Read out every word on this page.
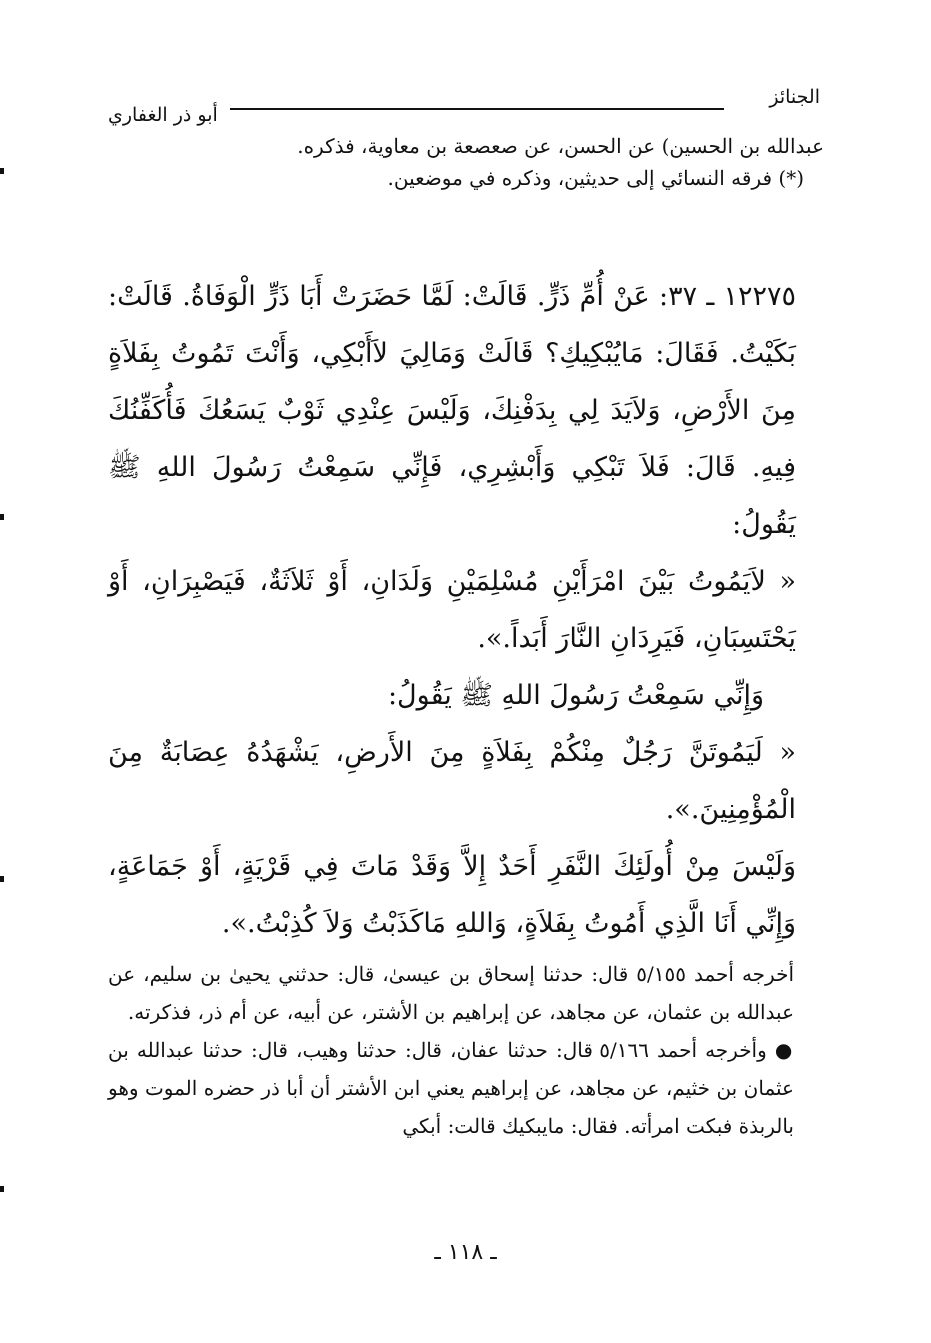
الجنائز
أبو ذر الغفاري
عبدالله بن الحسين) عن الحسن، عن صعصعة بن معاوية، فذكره.
(*) فرقه النسائي إلى حديثين، وذكره في موضعين.

١٢٢٧٥ ـ ٣٧: عَنْ أُمِّ ذَرٍّ. قَالَتْ: لَمَّا حَضَرَتْ أَبَا ذَرٍّ الْوَفَاةُ. قَالَتْ: بَكَيْتُ. فَقَالَ: مَايُبْكِيكِ؟ قَالَتْ وَمَالِيَ لاَأَبْكِي، وَأَنْتَ تَمُوتُ بِفَلاَةٍ مِنَ الأَرْضِ، وَلاَيَدَ لِي بِدَفْنِكَ، وَلَيْسَ عِنْدِي ثَوْبٌ يَسَعُكَ فَأُكَفِّنُكَ فِيهِ. قَالَ: فَلاَ تَبْكِي وَأَبْشِرِي، فَإِنِّي سَمِعْتُ رَسُولَ اللهِ ﷺ يَقُولُ:

« لاَيَمُوتُ بَيْنَ امْرَأَيْنِ مُسْلِمَيْنِ وَلَدَانِ، أَوْ ثَلاَثَةٌ، فَيَصْبِرَانِ، أَوْ يَحْتَسِبَانِ، فَيَرِدَانِ النَّارَ أَبَداً.».

وَإِنِّي سَمِعْتُ رَسُولَ اللهِ ﷺ يَقُولُ:

« لَيَمُوتَنَّ رَجُلٌ مِنْكُمْ بِفَلاَةٍ مِنَ الأَرضِ، يَشْهَدُهُ عِصَابَةٌ مِنَ الْمُؤْمِنِينَ.».

وَلَيْسَ مِنْ أُولَئِكَ النَّفَرِ أَحَدٌ إِلاَّ وَقَدْ مَاتَ فِي قَرْيَةٍ، أَوْ جَمَاعَةٍ، وَإِنِّي أَنَا الَّذِي أَمُوتُ بِفَلاَةٍ، وَاللهِ مَاكَذَبْتُ وَلاَ كُذِبْتُ.».

أخرجه أحمد ٥/١٥٥ قال: حدثنا إسحاق بن عيسىٰ، قال: حدثني يحيىٰ بن سليم، عن عبدالله بن عثمان، عن مجاهد، عن إبراهيم بن الأشتر، عن أبيه، عن أم ذر، فذكرته.

● وأخرجه أحمد ٥/١٦٦ قال: حدثنا عفان، قال: حدثنا وهيب، قال: حدثنا عبدالله بن عثمان بن خثيم، عن مجاهد، عن إبراهيم يعني ابن الأشتر أن أبا ذر حضره الموت وهو بالربذة فبكت امرأته. فقال: مايبكيك قالت: أبكي

ـ ١١٨ ـ
